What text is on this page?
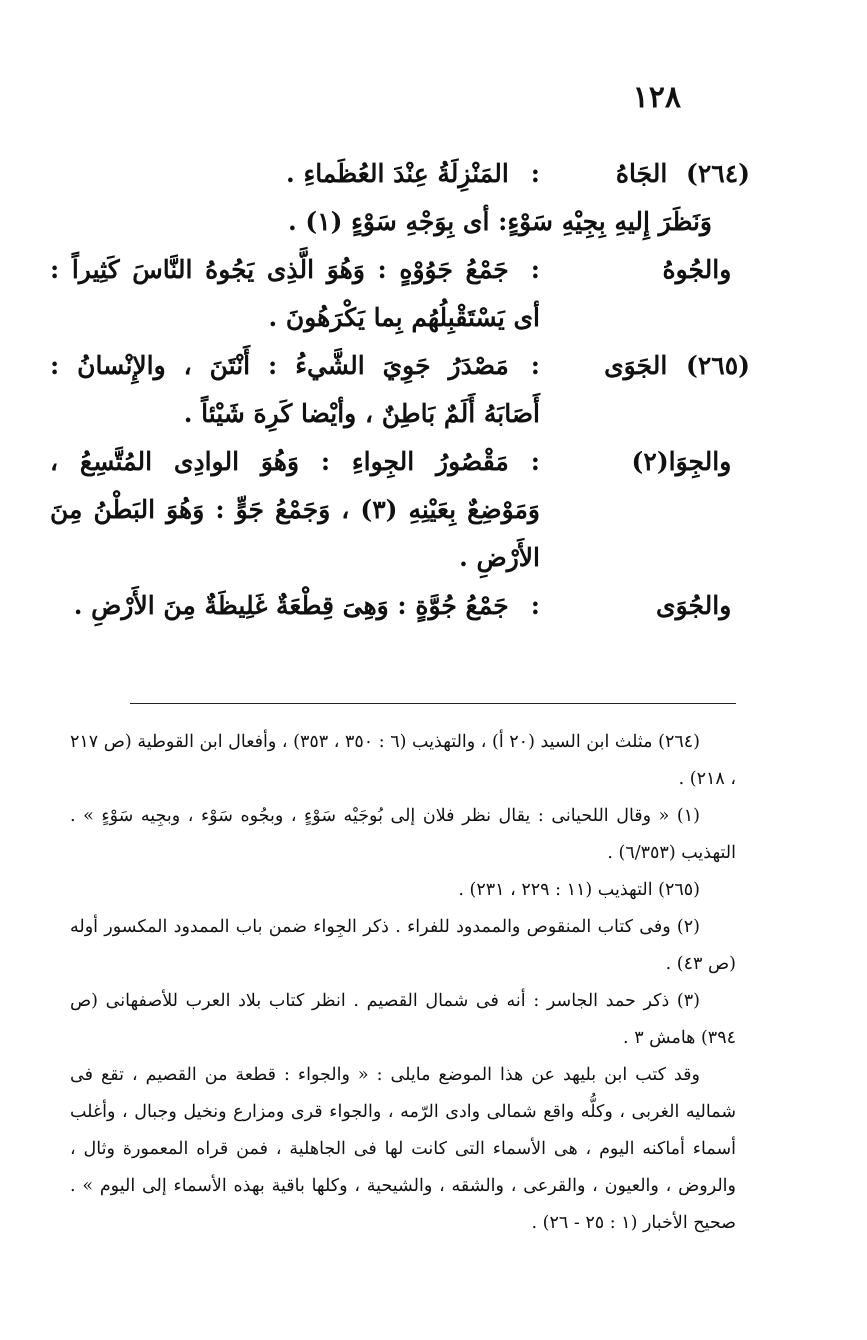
١٢٨
(٢٦٤) الجَاهُ
:المَنْزِلَةُ عِنْدَ العُظَماءِ .
وَنَظَرَ إِليهِ بِجِيْهِ سَوْءٍ: أى بِوَجْهِ سَوْءٍ (١) .
والجُوهُ
:جَمْعُ جَوُوْهٍ : وَهُوَ الَّذِى يَجُوهُ النَّاسَ كَثِيراً : أى يَسْتَقْبِلُهُم بِما يَكْرَهُونَ .
(٢٦٥) الجَوَى
:مَصْدَرُ جَوِيَ الشَّيءُ : أَنْتَنَ ، والإِنْسانُ : أَصَابَهُ أَلَمٌ بَاطِنٌ ، وأيْضا كَرِهَ شَيْئاً .
والجِوَا(٢)
:مَقْصُورُ الجِواءِ : وَهُوَ الوادِى المُتَّسِعُ ، وَمَوْضِعٌ بِعَيْنِهِ (٣) ، وَجَمْعُ جَوٍّ : وَهُوَ البَطْنُ مِنَ الأَرْضِ .
والجُوَى
:جَمْعُ جُوَّةٍ : وَهِىَ قِطْعَةٌ غَلِيظَةٌ مِنَ الأَرْضِ .

(٢٦٤) مثلث ابن السيد (٢٠ أ) ، والتهذيب (٦ : ٣٥٠ ، ٣٥٣) ، وأفعال ابن القوطية (ص ٢١٧ ، ٢١٨) .

(١) « وقال اللحيانى : يقال نظر فلان إلى بُوجَيْه سَوْءٍ ، وبجُوه سَوْء ، وبجِيه سَوْءٍ » . التهذيب (٦/٣٥٣) .

(٢٦٥) التهذيب (١١ : ٢٢٩ ، ٢٣١) .

(٢) وفى كتاب المنقوص والممدود للفراء . ذكر الجِواء ضمن باب الممدود المكسور أوله (ص ٤٣) .

(٣) ذكر حمد الجاسر : أنه فى شمال القصيم . انظر كتاب بلاد العرب للأصفهانى (ص ٣٩٤) هامش ٣ .

وقد كتب ابن بليهد عن هذا الموضع مايلى : « والجواء : قطعة من القصيم ، تقع فى شماليه الغربى ، وكلُّه واقع شمالى وادى الرّمه ، والجواء قرى ومزارع ونخيل وجبال ، وأغلب أسماء أماكنه اليوم ، هى الأسماء التى كانت لها فى الجاهلية ، فمن قراه المعمورة وثال ، والروض ، والعيون ، والقرعى ، والشقه ، والشيحية ، وكلها باقية بهذه الأسماء إلى اليوم » . صحيح الأخبار (١ : ٢٥ - ٢٦) .
